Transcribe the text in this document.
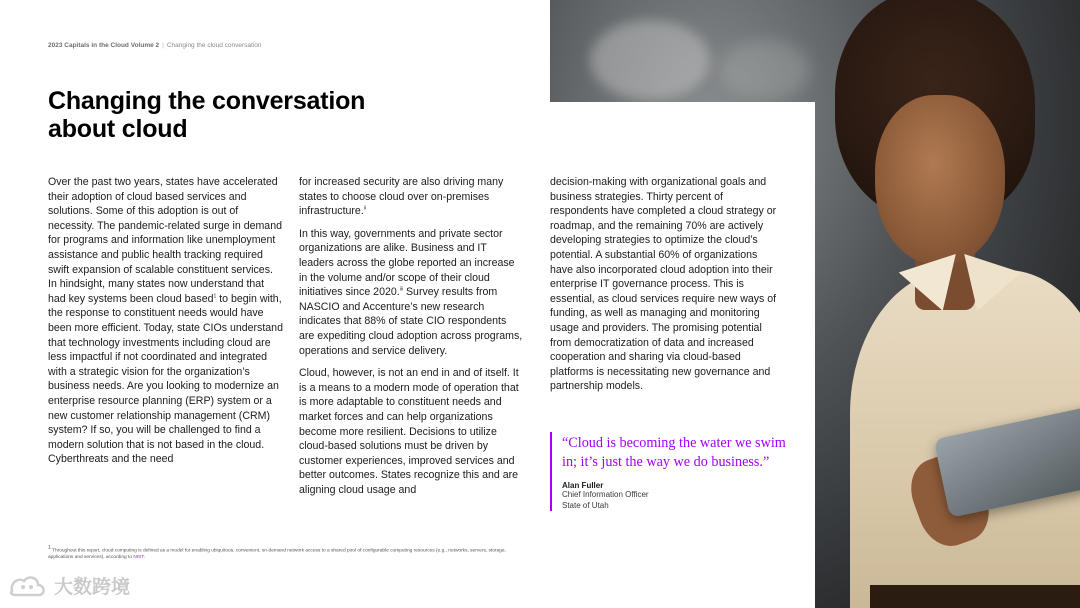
2023 Capitals in the Cloud Volume 2 | Changing the cloud conversation
Changing the conversation
about cloud

Over the past two years, states have accelerated their adoption of cloud based services and solutions. Some of this adoption is out of necessity. The pandemic-related surge in demand for programs and information like unemployment assistance and public health tracking required swift expansion of scalable constituent services. In hindsight, many states now understand that had key systems been cloud based$^1$ to begin with, the response to constituent needs would have been more efficient. Today, state CIOs understand that technology investments including cloud are less impactful if not coordinated and integrated with a strategic vision for the organization’s business needs. Are you looking to modernize an enterprise resource planning (ERP) system or a new customer relationship management (CRM) system? If so, you will be challenged to find a modern solution that is not based in the cloud. Cyberthreats and the need

for increased security are also driving many states to choose cloud over on-premises infrastructure.$^{ii}$

In this way, governments and private sector organizations are alike. Business and IT leaders across the globe reported an increase in the volume and/or scope of their cloud initiatives since 2020.$^{iii}$ Survey results from NASCIO and Accenture’s new research indicates that 88% of state CIO respondents are expediting cloud adoption across programs, operations and service delivery.

Cloud, however, is not an end in and of itself. It is a means to a modern mode of operation that is more adaptable to constituent needs and market forces and can help organizations become more resilient. Decisions to utilize cloud-based solutions must be driven by customer experiences, improved services and better outcomes. States recognize this and are aligning cloud usage and

decision-making with organizational goals and business strategies. Thirty percent of respondents have completed a cloud strategy or roadmap, and the remaining 70% are actively developing strategies to optimize the cloud’s potential. A substantial 60% of organizations have also incorporated cloud adoption into their enterprise IT governance process. This is essential, as cloud services require new ways of funding, as well as managing and monitoring usage and providers. The promising potential from democratization of data and increased cooperation and sharing via cloud-based platforms is necessitating new governance and partnership models.

“Cloud is becoming the water we swim in; it’s just the way we do business.”

Alan Fuller
Chief Information Officer
State of Utah
$^1$ Throughout this report, cloud computing is defined as a model for enabling ubiquitous, convenient, on-demand network access to a shared pool of configurable computing resources (e.g., networks, servers, storage, applications and services), according to NIST.
大数跨境
